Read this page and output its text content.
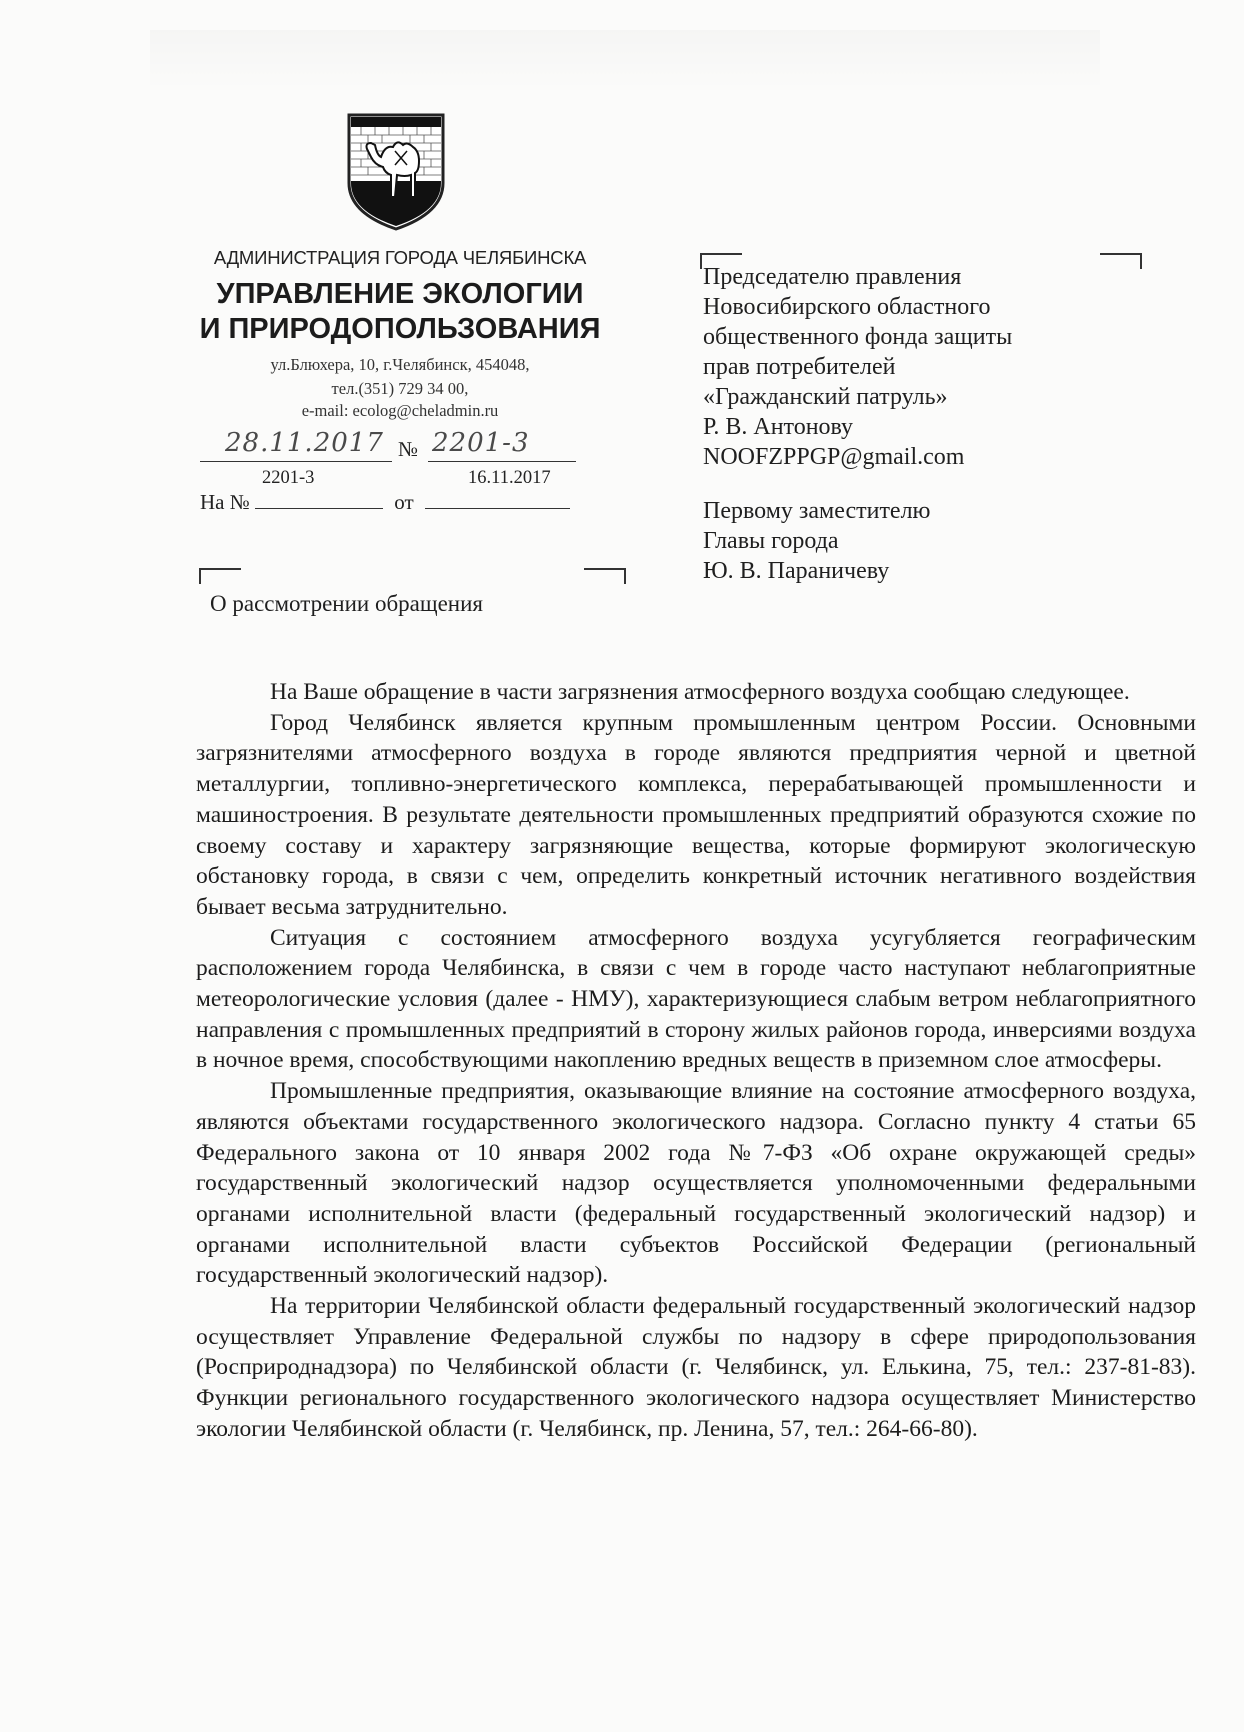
АДМИНИСТРАЦИЯ ГОРОДА ЧЕЛЯБИНСКА
УПРАВЛЕНИЕ ЭКОЛОГИИ
И ПРИРОДОПОЛЬЗОВАНИЯ
ул.Блюхера, 10, г.Челябинск, 454048,
тел.(351) 729 34 00,
e-mail: ecolog@cheladmin.ru
28.11.2017 № 2201-3
2201-3	16.11.2017
На №	от
О рассмотрении обращения
Председателю правления
Новосибирского областного
общественного фонда защиты
прав потребителей
«Гражданский патруль»
Р. В. Антонову
NOOFZPPGP@gmail.com
Первому заместителю
Главы города
Ю. В. Параничеву

На Ваше обращение в части загрязнения атмосферного воздуха сообщаю следующее.

Город Челябинск является крупным промышленным центром России. Основными загрязнителями атмосферного воздуха в городе являются предприятия черной и цветной металлургии, топливно-энергетического комплекса, перерабатывающей промышленности и машиностроения. В результате деятельности промышленных предприятий образуются схожие по своему составу и характеру загрязняющие вещества, которые формируют экологическую обстановку города, в связи с чем, определить конкретный источник негативного воздействия бывает весьма затруднительно.

Ситуация с состоянием атмосферного воздуха усугубляется географическим расположением города Челябинска, в связи с чем в городе часто наступают неблагоприятные метеорологические условия (далее - НМУ), характеризующиеся слабым ветром неблагоприятного направления с промышленных предприятий в сторону жилых районов города, инверсиями воздуха в ночное время, способствующими накоплению вредных веществ в приземном слое атмосферы.

Промышленные предприятия, оказывающие влияние на состояние атмосферного воздуха, являются объектами государственного экологического надзора. Согласно пункту 4 статьи 65 Федерального закона от 10 января 2002 года №7-ФЗ «Об охране окружающей среды» государственный экологический надзор осуществляется уполномоченными федеральными органами исполнительной власти (федеральный государственный экологический надзор) и органами исполнительной власти субъектов Российской Федерации (региональный государственный экологический надзор).

На территории Челябинской области федеральный государственный экологический надзор осуществляет Управление Федеральной службы по надзору в сфере природопользования (Росприроднадзора) по Челябинской области (г. Челябинск, ул. Елькина, 75, тел.: 237-81-83). Функции регионального государственного экологического надзора осуществляет Министерство экологии Челябинской области (г. Челябинск, пр. Ленина, 57, тел.: 264-66-80).
